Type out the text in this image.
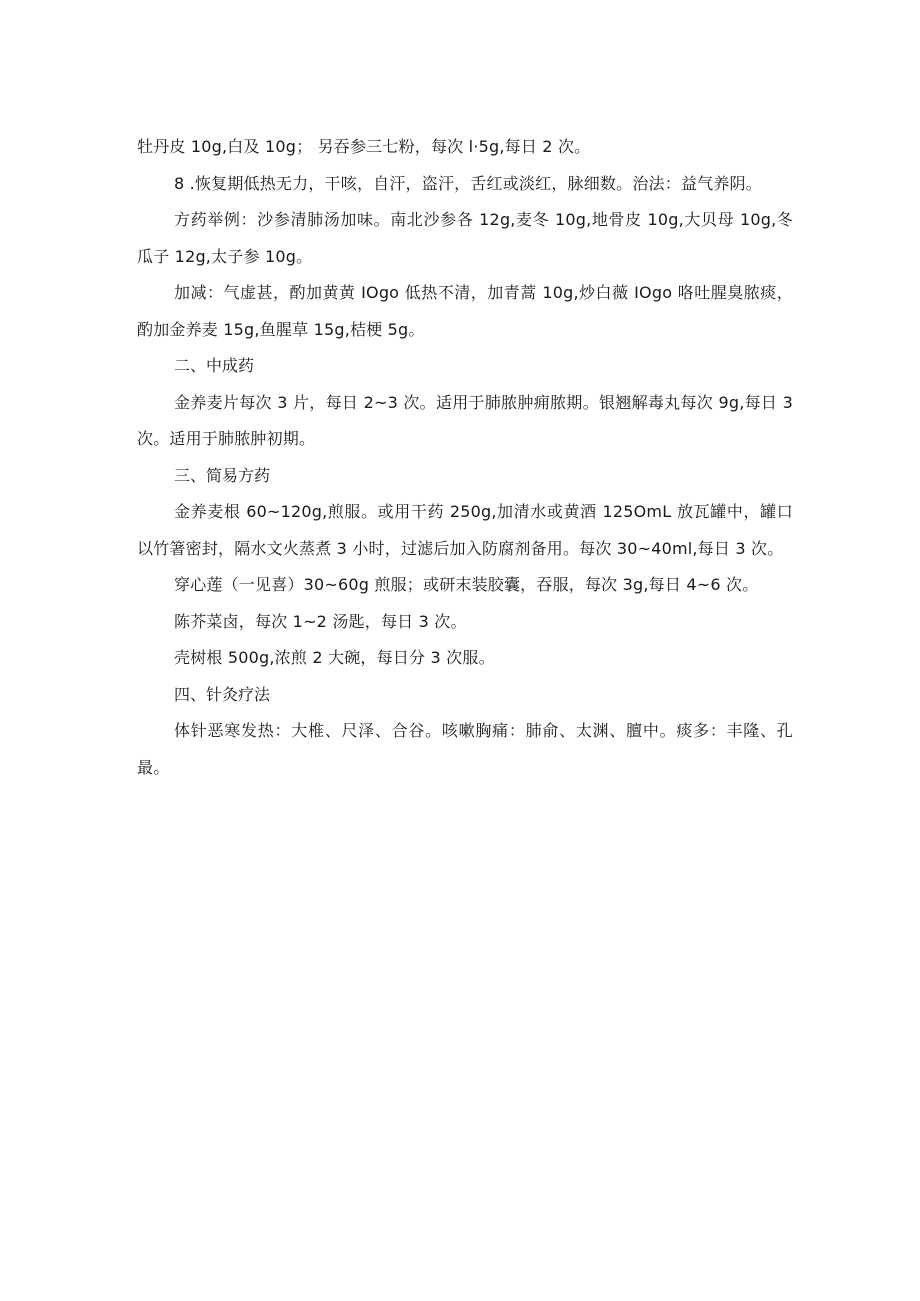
牡丹皮 10g,白及 10g； 另吞参三七粉，每次 l·5g,每日 2 次。

8 .恢复期低热无力，干咳，自汗，盗汗，舌红或淡红，脉细数。治法：益气养阴。

方药举例：沙参清肺汤加味。南北沙参各 12g,麦冬 10g,地骨皮 10g,大贝母 10g,冬瓜子 12g,太子参 10g。

加减：气虚甚，酌加黄黄 IOgo 低热不清，加青蒿 10g,炒白薇 IOgo 咯吐腥臭脓痰，酌加金养麦 15g,鱼腥草 15g,桔梗 5g。

二、中成药

金养麦片每次 3 片，每日 2~3 次。适用于肺脓肿痈脓期。银翘解毒丸每次 9g,每日 3 次。适用于肺脓肿初期。

三、简易方药

金养麦根 60~120g,煎服。或用干药 250g,加清水或黄酒 125OmL 放瓦罐中，罐口以竹箸密封，隔水文火蒸煮 3 小时，过滤后加入防腐剂备用。每次 30~40ml,每日 3 次。

穿心莲（一见喜）30~60g 煎服；或研末装胶囊，吞服，每次 3g,每日 4~6 次。

陈芥菜卤，每次 1~2 汤匙，每日 3 次。

壳树根 500g,浓煎 2 大碗，每日分 3 次服。

四、针灸疗法

体针恶寒发热：大椎、尺泽、合谷。咳嗽胸痛：肺俞、太渊、膻中。痰多：丰隆、孔最。
